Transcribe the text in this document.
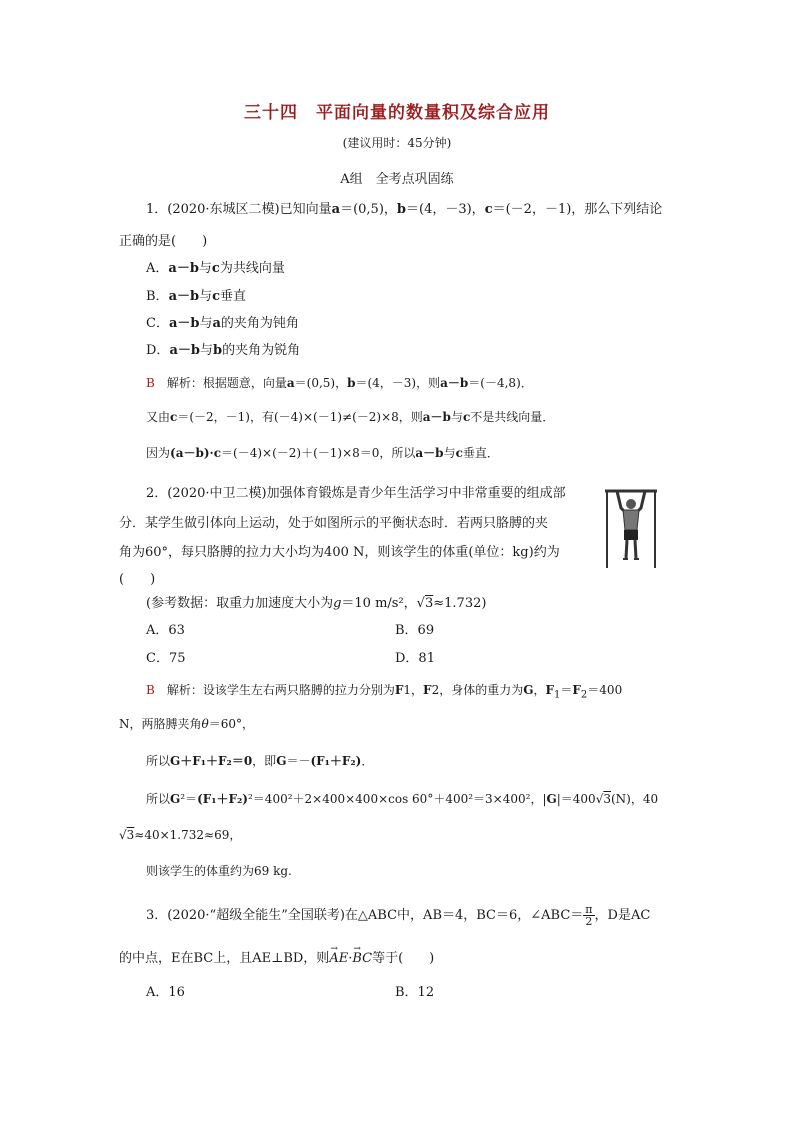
三十四　平面向量的数量积及综合应用
(建议用时：45分钟)
A组　全考点巩固练
1．(2020·东城区二模)已知向量a＝(0,5)，b＝(4，－3)，c＝(－2，－1)，那么下列结论
正确的是(　　)
A．a－b与c为共线向量
B．a－b与c垂直
C．a－b与a的夹角为钝角
D．a－b与b的夹角为锐角
B　 解析：根据题意，向量a＝(0,5)，b＝(4，－3)，则a－b＝(－4,8)．
又由c＝(－2，－1)，有(－4)×(－1)≠(－2)×8，则a－b与c不是共线向量．
因为(a－b)·c＝(－4)×(－2)＋(－1)×8＝0，所以a－b与c垂直．
2．(2020·中卫二模)加强体育锻炼是青少年生活学习中非常重要的组成部
分．某学生做引体向上运动，处于如图所示的平衡状态时．若两只胳膊的夹
角为60°，每只胳膊的拉力大小均为400 N，则该学生的体重(单位：kg)约为
(　　)
(参考数据：取重力加速度大小为g＝10 m/s²，√3≈1.732)
A．63	B．69
C．75	D．81
B　 解析：设该学生左右两只胳膊的拉力分别为F1，F2，身体的重力为G，$F_1=F_2=400$
N，两胳膊夹角θ＝60°，
所以G＋F₁＋F₂＝0，即G＝－(F₁＋F₂)．
所以G²＝(F₁＋F₂)²＝400²＋2×400×400×cos 60°＋400²＝3×400²，|G|＝400√3(N)，40
√3≈40×1.732≈69，
则该学生的体重约为69 kg.
3．(2020·“超级全能生”全国联考)在△ABC中，AB＝4，BC＝6，∠ABC＝ $\frac{\pi}{2}$ ，D是AC
的中点，E在BC上，且AE⊥BD，则→ AE·→ BC等于(　　)
A．16	B．12
